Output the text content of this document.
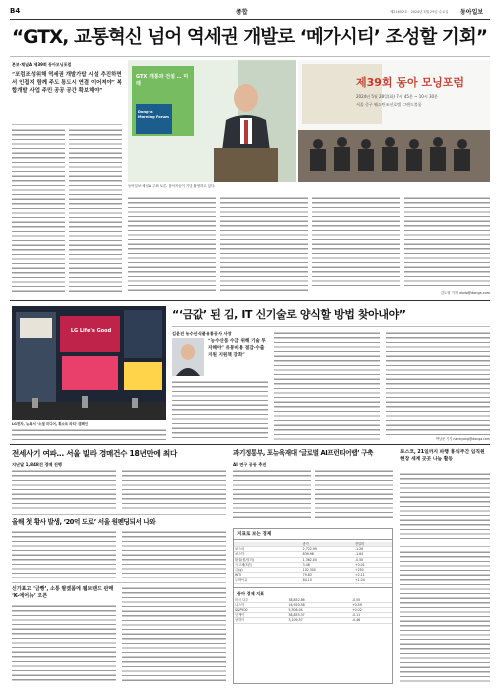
B4	종합	제21652호 · 2024년 5월 29일 수요일 동아일보
“GTX, 교통혁신 넘어 역세권 개발로 ‘메가시티’ 조성할 기회”
본보·채널A 제39회 동아모닝포럼
“포럼조성위해 역세권 개발가탑 시설 추진하면서 인접지 함께 주도 통도시 연결 이어져야” 복합개발 사업 주민 공공 공간 확보해야”
GTX 개통과 건설 … 미래
Dong-a Morning Forum
제39회 동아 모닝포럼
2024년 5월 28일(화) 7시 45분 ~ 10시 30분
서울 중구 웨스틴조선호텔 그랜드볼룸
동아일보·채널A 주최 토론. 참석자들이 기념 촬영하고 있다.
김도형 기자 dodo@donga.com
LG Life's Good
LG전자, 뉴욕서 ‘소셜 미디어, 휘소트 파티’ 캠페인
“‘금값’ 된 김, IT 신기술로 양식할 방법 찾아내야”
김윤진 농수산식품유통공사 사장
“농수산품 수급 위해 기술 투자해야” 유통비용 절감·수출 지원 지원책 강화”
박남준 기자 nankyong@donga.com
전세사기 여파… 서울 빌라 경매건수 18년만에 최다
지난달 1,848건 경매 진행
과기정통부, 포뉴육재대 ‘글로벌 AI프런티어랩’ 구축
AI 연구 공동 추진
포스코, 21일까지 파행 휴식주간 임직원 현장 세계 곳곳 나눔 활동
올해 첫 황사 발생, ‘20억 도로’ 서울 원펜딩되서 나와
신가표고 ‘금빵’, 소통 팔겠폼에 웹브랜드 판매 ‘K-에어뉴’ 오픈
지표로 보는 경제
	종가	전일비
코스피	2,722.99	-1.26
코스닥	839.98	-1.64
환율(원/달러)	1,362.00	-0.50
국고채(3년)	3.48	+0.01
금(g)	102,300	+250
WTI	79.83	+2.11
두바이유	84.10	+1.04
동아 경제 지표
미국 다우	38,852.86	-0.55
나스닥	16,920.58	+0.59
S&P500	5,306.04	+0.02
닛케이	38,855.37	-0.11
상하이	3,109.57	-0.46
